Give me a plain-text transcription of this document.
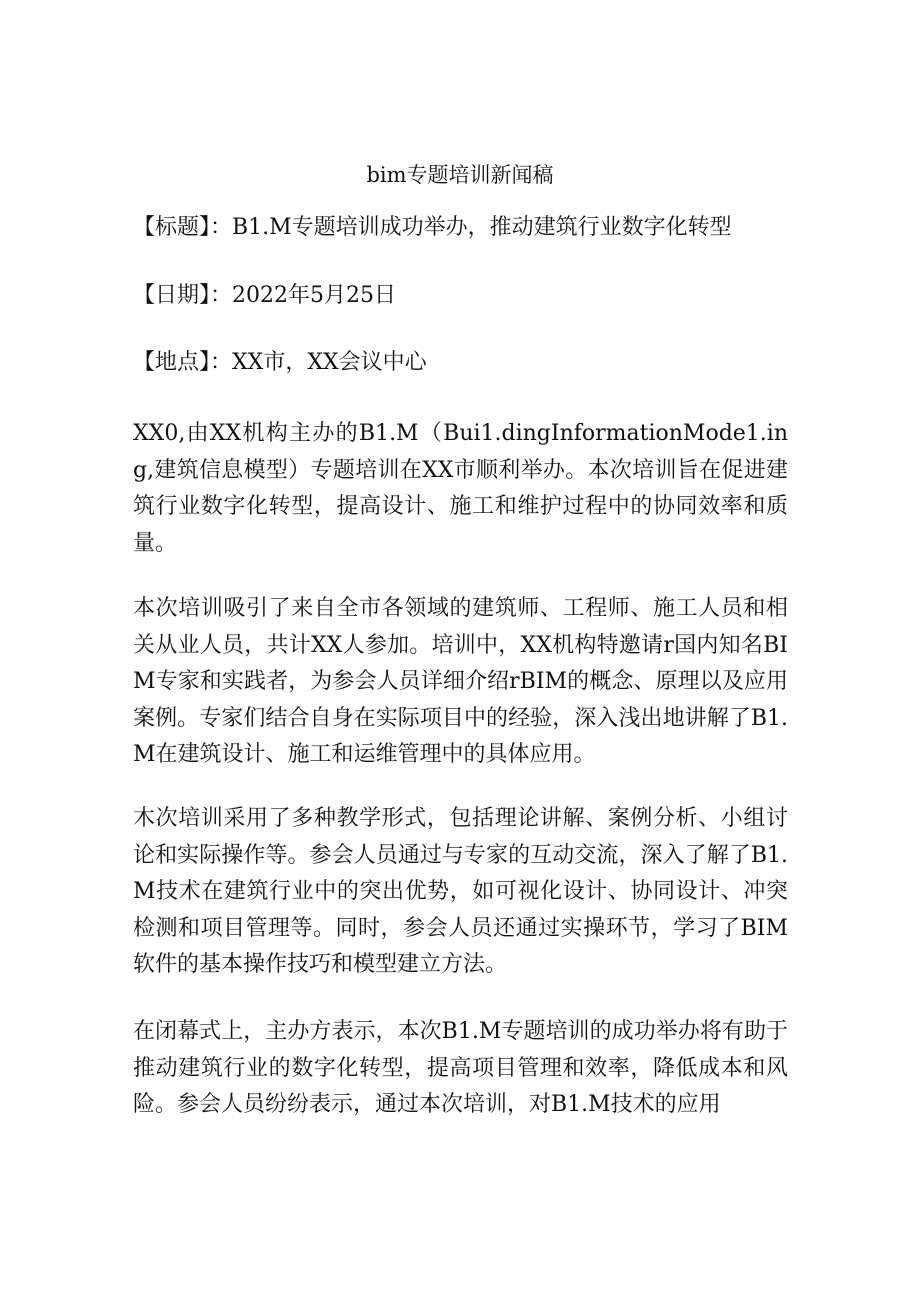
bim专题培训新闻稿
【标题】：B1.M专题培训成功举办，推动建筑行业数字化转型
【日期】：2022年5月25日
【地点】：XX市，XX会议中心

XX0,由XX机构主办的B1.M（Bui1.dingInformationMode1.ing,建筑信息模型）专题培训在XX市顺利举办。本次培训旨在促进建筑行业数字化转型，提高设计、施工和维护过程中的协同效率和质量。

本次培训吸引了来自全市各领域的建筑师、工程师、施工人员和相关从业人员，共计XX人参加。培训中，XX机构特邀请r国内知名BIM专家和实践者，为参会人员详细介绍rBIM的概念、原理以及应用案例。专家们结合自身在实际项目中的经验，深入浅出地讲解了B1.M在建筑设计、施工和运维管理中的具体应用。

木次培训采用了多种教学形式，包括理论讲解、案例分析、小组讨论和实际操作等。参会人员通过与专家的互动交流，深入了解了B1.M技术在建筑行业中的突出优势，如可视化设计、协同设计、冲突检测和项目管理等。同时，参会人员还通过实操环节，学习了BIM软件的基本操作技巧和模型建立方法。

在闭幕式上，主办方表示，本次B1.M专题培训的成功举办将有助于推动建筑行业的数字化转型，提高项目管理和效率，降低成本和风险。参会人员纷纷表示，通过本次培训，对B1.M技术的应用
